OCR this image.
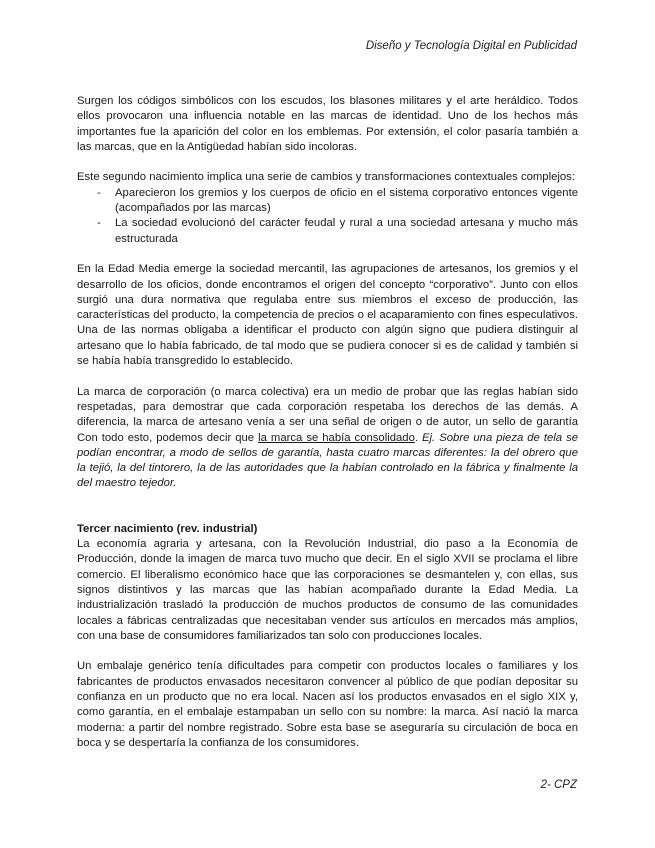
Diseño y Tecnología Digital en Publicidad

Surgen los códigos simbólicos con los escudos, los blasones militares y el arte heráldico. Todos ellos provocaron una influencia notable en las marcas de identidad. Uno de los hechos más importantes fue la aparición del color en los emblemas. Por extensión, el color pasaría también a las marcas, que en la Antigüedad habían sido incoloras.

Este segundo nacimiento implica una serie de cambios y transformaciones contextuales complejos:

- Aparecieron los gremios y los cuerpos de oficio en el sistema corporativo entonces vigente (acompañados por las marcas)
- La sociedad evolucionó del carácter feudal y rural a una sociedad artesana y mucho más estructurada

En la Edad Media emerge la sociedad mercantil, las agrupaciones de artesanos, los gremios y el desarrollo de los oficios, donde encontramos el origen del concepto “corporativo”. Junto con ellos surgió una dura normativa que regulaba entre sus miembros el exceso de producción, las características del producto, la competencia de precios o el acaparamiento con fines especulativos. Una de las normas obligaba a identificar el producto con algún signo que pudiera distinguir al artesano que lo había fabricado, de tal modo que se pudiera conocer si es de calidad y también si se había había transgredido lo establecido.

La marca de corporación (o marca colectiva) era un medio de probar que las reglas habían sido respetadas, para demostrar que cada corporación respetaba los derechos de las demás. A diferencia, la marca de artesano venía a ser una señal de origen o de autor, un sello de garantía Con todo esto, podemos decir que la marca se había consolidado. Ej. Sobre una pieza de tela se podían encontrar, a modo de sellos de garantía, hasta cuatro marcas diferentes: la del obrero que la tejió, la del tintorero, la de las autoridades que la habían controlado en la fábrica y finalmente la del maestro tejedor.

Tercer nacimiento (rev. industrial)

La economía agraria y artesana, con la Revolución Industrial, dio paso a la Economía de Producción, donde la imagen de marca tuvo mucho que decir. En el siglo XVII se proclama el libre comercio. El liberalismo económico hace que las corporaciones se desmantelen y, con ellas, sus signos distintivos y las marcas que las habían acompañado durante la Edad Media. La industrialización trasladó la producción de muchos productos de consumo de las comunidades locales a fábricas centralizadas que necesitaban vender sus artículos en mercados más amplios, con una base de consumidores familiarizados tan solo con producciones locales.

Un embalaje genérico tenía dificultades para competir con productos locales o familiares y los fabricantes de productos envasados necesitaron convencer al público de que podían depositar su confianza en un producto que no era local. Nacen así los productos envasados en el siglo XIX y, como garantía, en el embalaje estampaban un sello con su nombre: la marca. Así nació la marca moderna: a partir del nombre registrado. Sobre esta base se aseguraría su circulación de boca en boca y se despertaría la confianza de los consumidores.

2- CPZ
